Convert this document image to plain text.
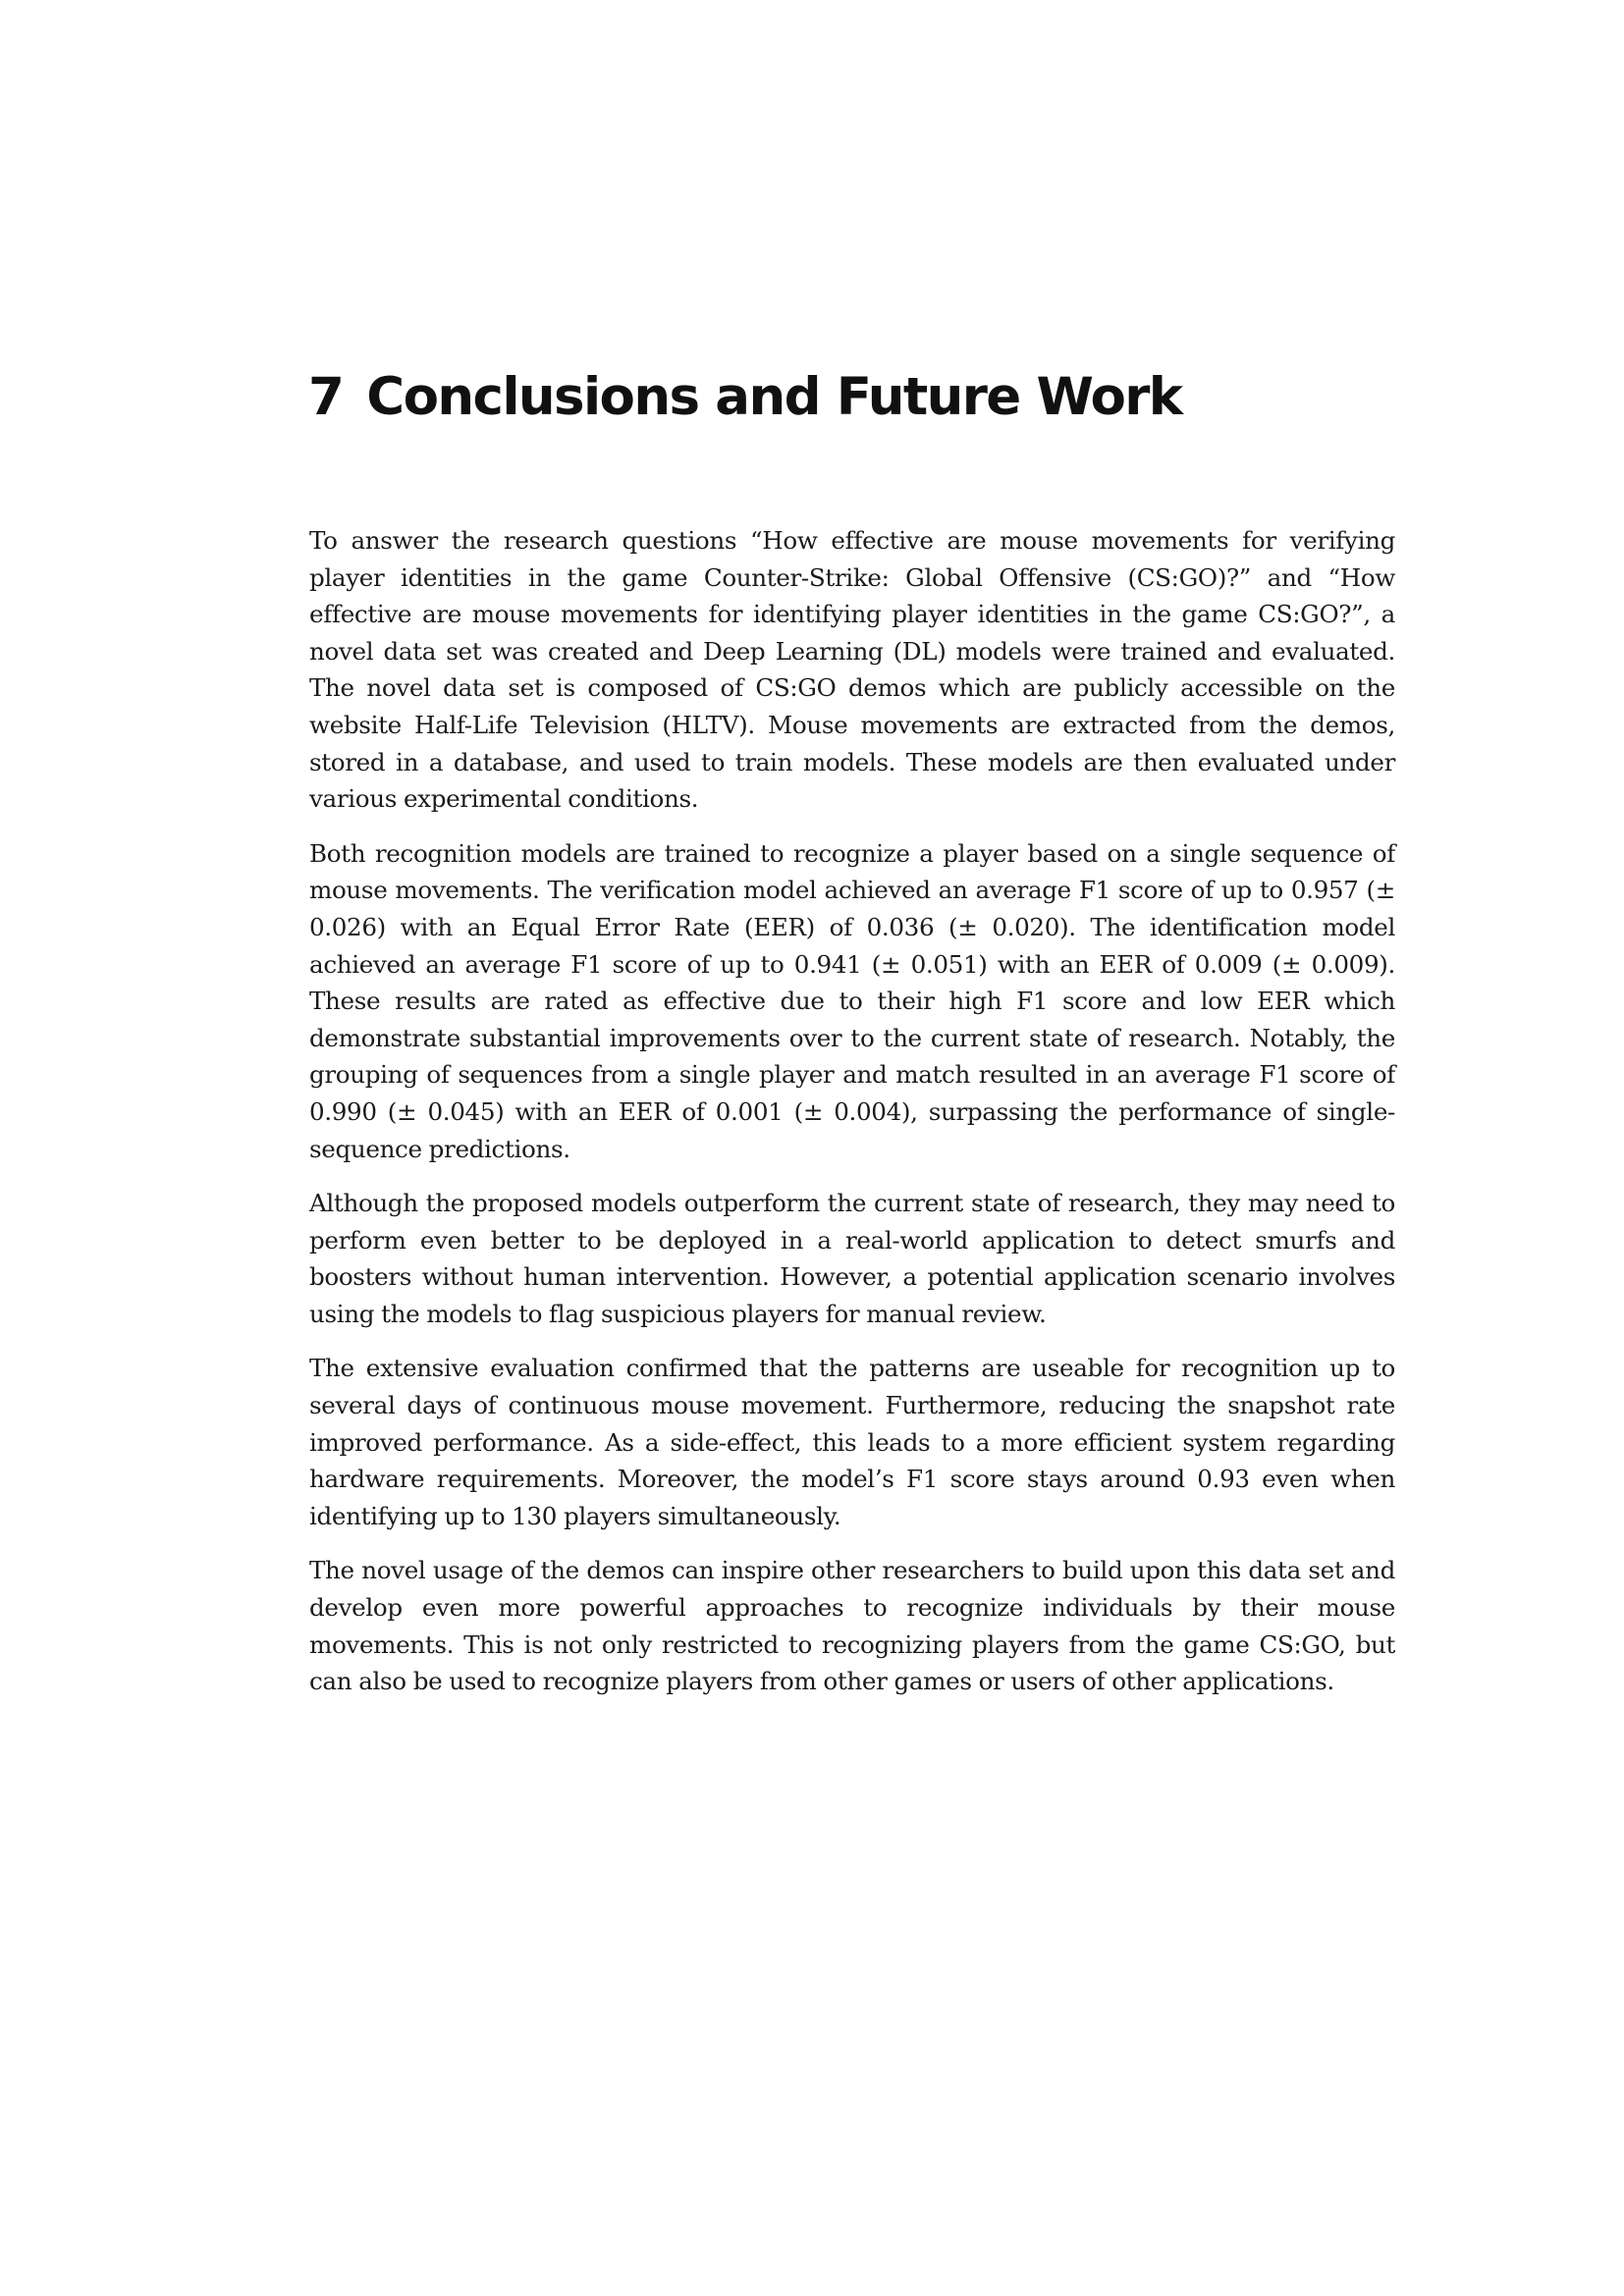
7 Conclusions and Future Work

To answer the research questions “How effective are mouse movements for verifying player identities in the game Counter-Strike: Global Offensive (CS:GO)?” and “How effective are mouse movements for identifying player identities in the game CS:GO?”, a novel data set was created and Deep Learning (DL) models were trained and evaluated. The novel data set is composed of CS:GO demos which are publicly accessible on the website Half-Life Television (HLTV). Mouse movements are extracted from the demos, stored in a database, and used to train models. These models are then evaluated under various experimental conditions.

Both recognition models are trained to recognize a player based on a single sequence of mouse movements. The verification model achieved an average F1 score of up to 0.957 (± 0.026) with an Equal Error Rate (EER) of 0.036 (± 0.020). The identification model achieved an average F1 score of up to 0.941 (± 0.051) with an EER of 0.009 (± 0.009). These results are rated as effective due to their high F1 score and low EER which demonstrate substantial improvements over to the current state of research. Notably, the grouping of sequences from a single player and match resulted in an average F1 score of 0.990 (± 0.045) with an EER of 0.001 (± 0.004), surpassing the performance of single-sequence predictions.

Although the proposed models outperform the current state of research, they may need to perform even better to be deployed in a real-world application to detect smurfs and boosters without human intervention. However, a potential application scenario involves using the models to flag suspicious players for manual review.

The extensive evaluation confirmed that the patterns are useable for recognition up to several days of continuous mouse movement. Furthermore, reducing the snapshot rate improved performance. As a side-effect, this leads to a more efficient system regarding hardware requirements. Moreover, the model’s F1 score stays around 0.93 even when identifying up to 130 players simultaneously.

The novel usage of the demos can inspire other researchers to build upon this data set and develop even more powerful approaches to recognize individuals by their mouse movements. This is not only restricted to recognizing players from the game CS:GO, but can also be used to recognize players from other games or users of other applications.
